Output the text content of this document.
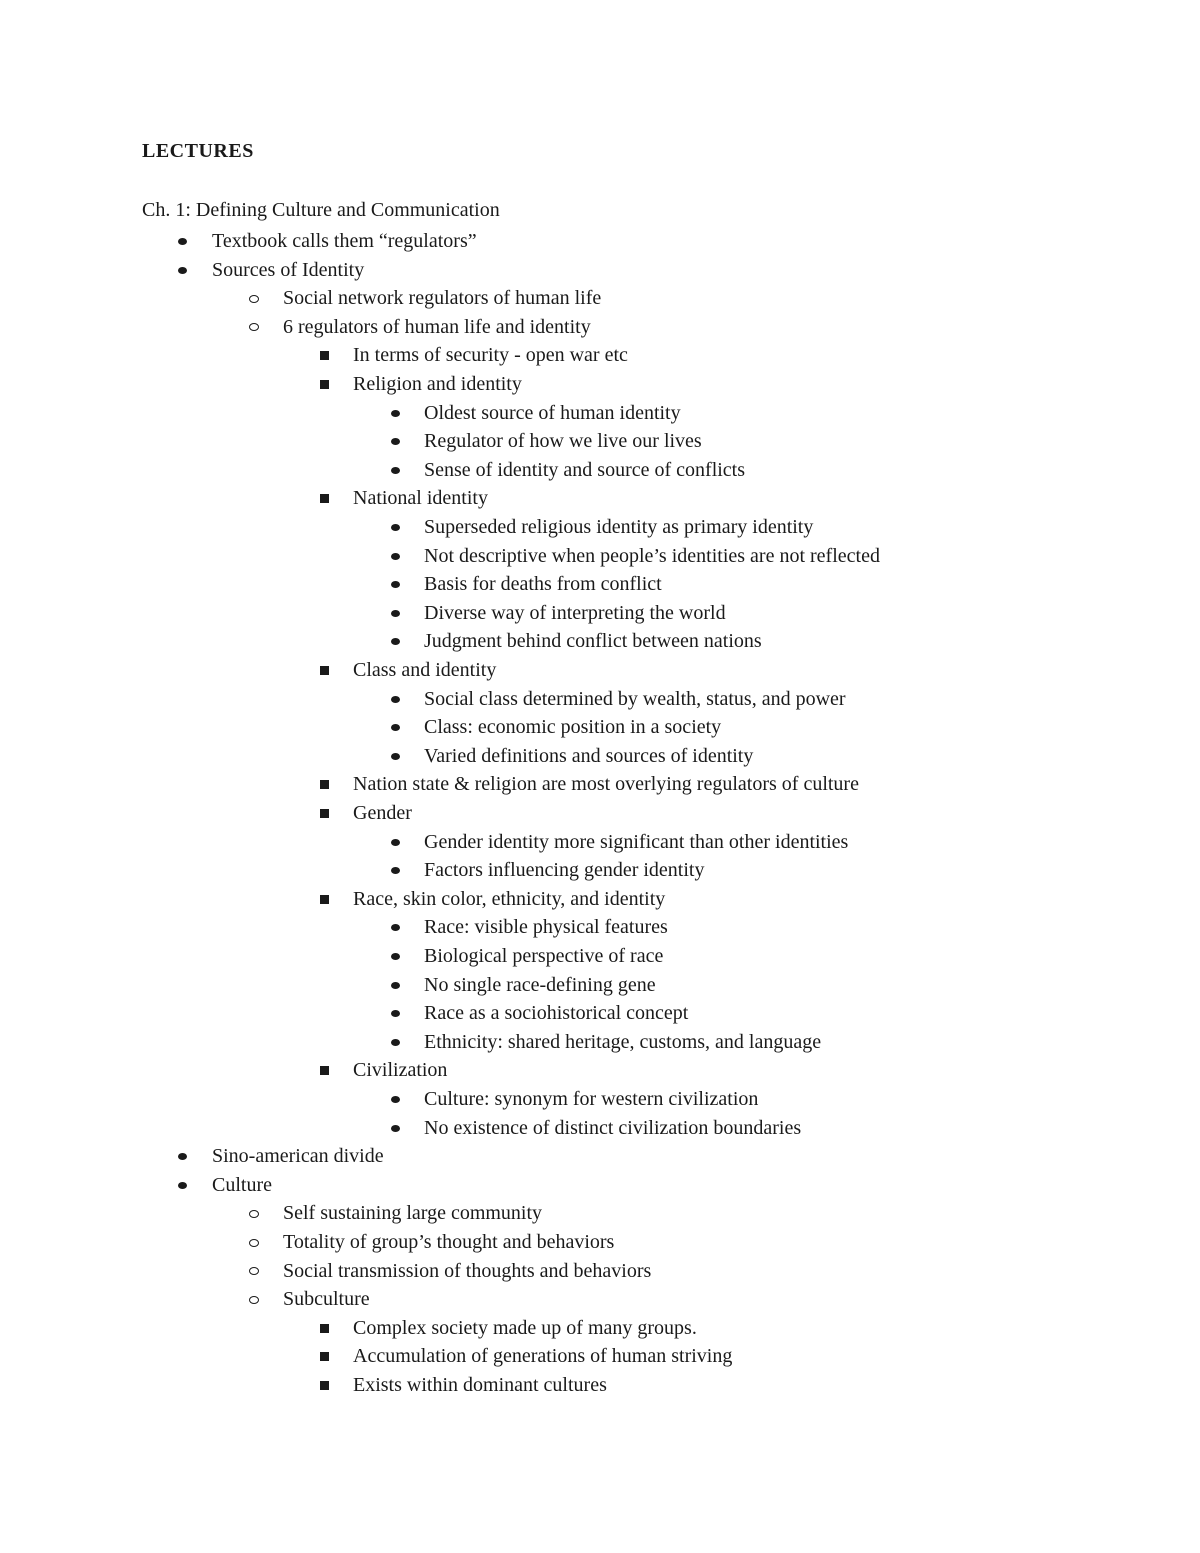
LECTURES
Ch. 1: Defining Culture and Communication
Textbook calls them “regulators”
Sources of Identity
Social network regulators of human life
6 regulators of human life and identity
In terms of security - open war etc
Religion and identity
Oldest source of human identity
Regulator of how we live our lives
Sense of identity and source of conflicts
National identity
Superseded religious identity as primary identity
Not descriptive when people’s identities are not reflected
Basis for deaths from conflict
Diverse way of interpreting the world
Judgment behind conflict between nations
Class and identity
Social class determined by wealth, status, and power
Class: economic position in a society
Varied definitions and sources of identity
Nation state & religion are most overlying regulators of culture
Gender
Gender identity more significant than other identities
Factors influencing gender identity
Race, skin color, ethnicity, and identity
Race: visible physical features
Biological perspective of race
No single race-defining gene
Race as a sociohistorical concept
Ethnicity: shared heritage, customs, and language
Civilization
Culture: synonym for western civilization
No existence of distinct civilization boundaries
Sino-american divide
Culture
Self sustaining large community
Totality of group’s thought and behaviors
Social transmission of thoughts and behaviors
Subculture
Complex society made up of many groups.
Accumulation of generations of human striving
Exists within dominant cultures
